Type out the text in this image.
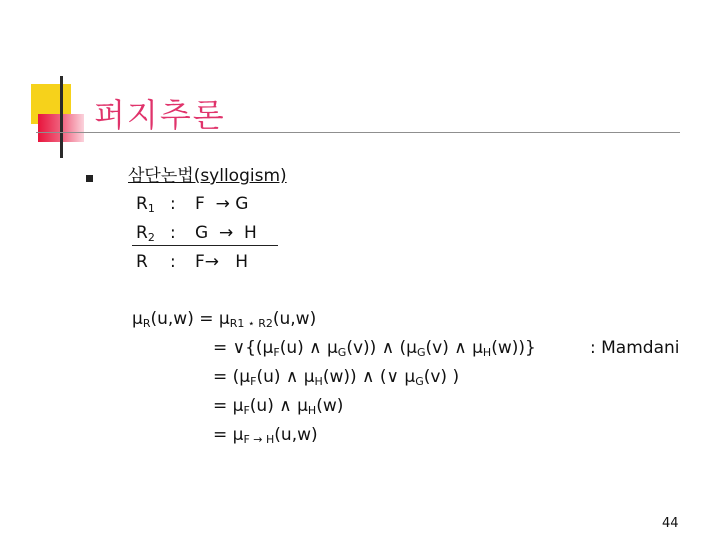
퍼지추론
삼단논법(syllogism)
$R_1$ : F  → G
$R_2$ : G  →  H
R : F→   H
$\mu_R(u,w) = \mu_{R1 ⋆ R2}(u,w)$
= $\vee\{(\mu_F(u)$ ∧ $\mu_G(v)$) ∧ ($\mu_G(v)$ ∧ $\mu_H(w)$)}	: Mamdani
= ($\mu_F(u)$ ∧ $\mu_H(w)$) ∧ (∨ $\mu_G(v)$ )
= $\mu_F(u)$ ∧ $\mu_H(w)$
= $\mu_{F \to H}(u,w)$
44
